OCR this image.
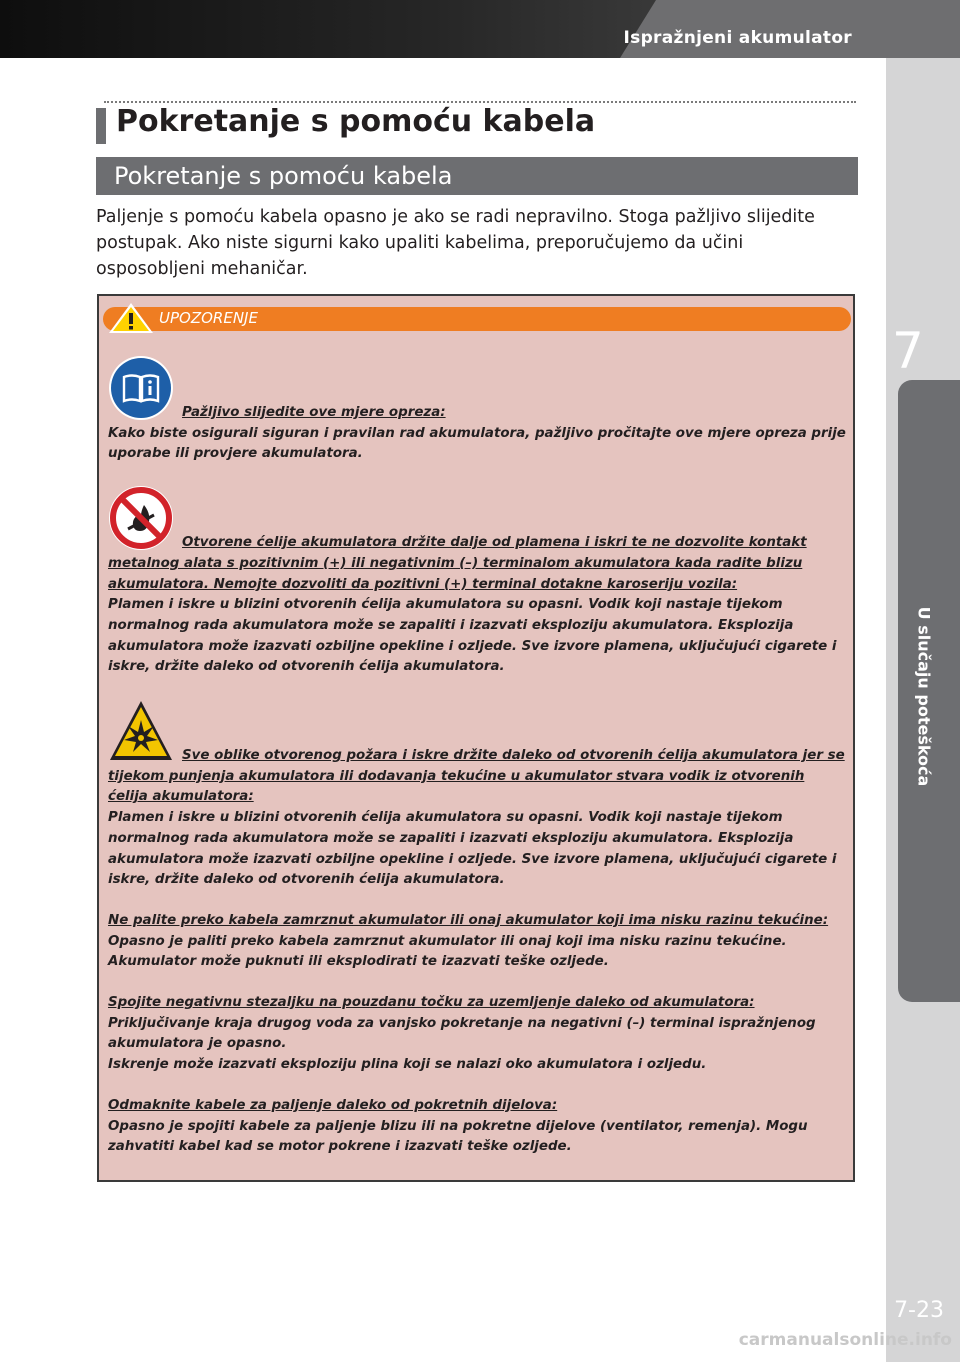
Ispražnjeni akumulator
7
U slučaju poteškoća
7-23
carmanualsonline.info
Pokretanje s pomoću kabela
Pokretanje s pomoću kabela

Paljenje s pomoću kabela opasno je ako se radi nepravilno. Stoga pažljivo slijedite postupak. Ako niste sigurni kako upaliti kabelima, preporučujemo da učini osposobljeni mehaničar.

UPOZORENJE
Pažljivo slijedite ove mjere opreza:
Kako biste osigurali siguran i pravilan rad akumulatora, pažljivo pročitajte ove mjere opreza prije uporabe ili provjere akumulatora.
Otvorene ćelije akumulatora držite dalje od plamena i iskri te ne dozvolite kontakt metalnog alata s pozitivnim (+) ili negativnim (–) terminalom akumulatora kada radite blizu akumulatora. Nemojte dozvoliti da pozitivni (+) terminal dotakne karoseriju vozila:
Plamen i iskre u blizini otvorenih ćelija akumulatora su opasni. Vodik koji nastaje tijekom normalnog rada akumulatora može se zapaliti i izazvati eksploziju akumulatora. Eksplozija akumulatora može izazvati ozbiljne opekline i ozljede. Sve izvore plamena, uključujući cigarete i iskre, držite daleko od otvorenih ćelija akumulatora.
Sve oblike otvorenog požara i iskre držite daleko od otvorenih ćelija akumulatora jer se tijekom punjenja akumulatora ili dodavanja tekućine u akumulator stvara vodik iz otvorenih ćelija akumulatora:
Plamen i iskre u blizini otvorenih ćelija akumulatora su opasni. Vodik koji nastaje tijekom normalnog rada akumulatora može se zapaliti i izazvati eksploziju akumulatora. Eksplozija akumulatora može izazvati ozbiljne opekline i ozljede. Sve izvore plamena, uključujući cigarete i iskre, držite daleko od otvorenih ćelija akumulatora.
Ne palite preko kabela zamrznut akumulator ili onaj akumulator koji ima nisku razinu tekućine:
Opasno je paliti preko kabela zamrznut akumulator ili onaj koji ima nisku razinu tekućine. Akumulator može puknuti ili eksplodirati te izazvati teške ozljede.
Spojite negativnu stezaljku na pouzdanu točku za uzemljenje daleko od akumulatora:
Priključivanje kraja drugog voda za vanjsko pokretanje na negativni (–) terminal ispražnjenog akumulatora je opasno.
Iskrenje može izazvati eksploziju plina koji se nalazi oko akumulatora i ozljedu.
Odmaknite kabele za paljenje daleko od pokretnih dijelova:
Opasno je spojiti kabele za paljenje blizu ili na pokretne dijelove (ventilator, remenja). Mogu zahvatiti kabel kad se motor pokrene i izazvati teške ozljede.
